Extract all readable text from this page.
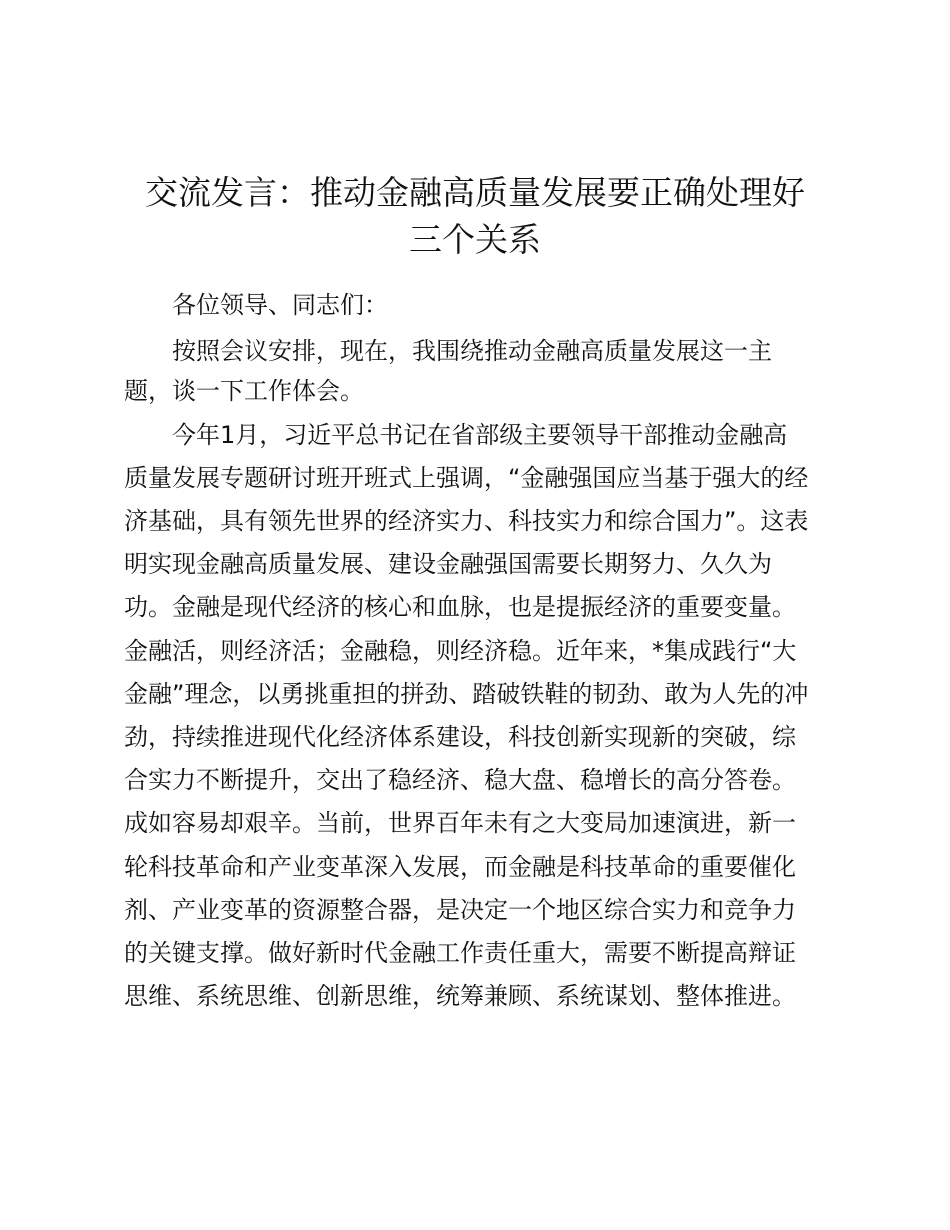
交流发言：推动金融高质量发展要正确处理好
三个关系

各位领导、同志们：

按照会议安排，现在，我围绕推动金融高质量发展这一主

题，谈一下工作体会。

今年1月，习近平总书记在省部级主要领导干部推动金融高

质量发展专题研讨班开班式上强调，“金融强国应当基于强大的经

济基础，具有领先世界的经济实力、科技实力和综合国力”。这表

明实现金融高质量发展、建设金融强国需要长期努力、久久为

功。金融是现代经济的核心和血脉，也是提振经济的重要变量。

金融活，则经济活；金融稳，则经济稳。近年来，*集成践行“大

金融”理念，以勇挑重担的拼劲、踏破铁鞋的韧劲、敢为人先的冲

劲，持续推进现代化经济体系建设，科技创新实现新的突破，综

合实力不断提升，交出了稳经济、稳大盘、稳增长的高分答卷。

成如容易却艰辛。当前，世界百年未有之大变局加速演进，新一

轮科技革命和产业变革深入发展，而金融是科技革命的重要催化

剂、产业变革的资源整合器，是决定一个地区综合实力和竞争力

的关键支撑。做好新时代金融工作责任重大，需要不断提高辩证

思维、系统思维、创新思维，统筹兼顾、系统谋划、整体推进。
